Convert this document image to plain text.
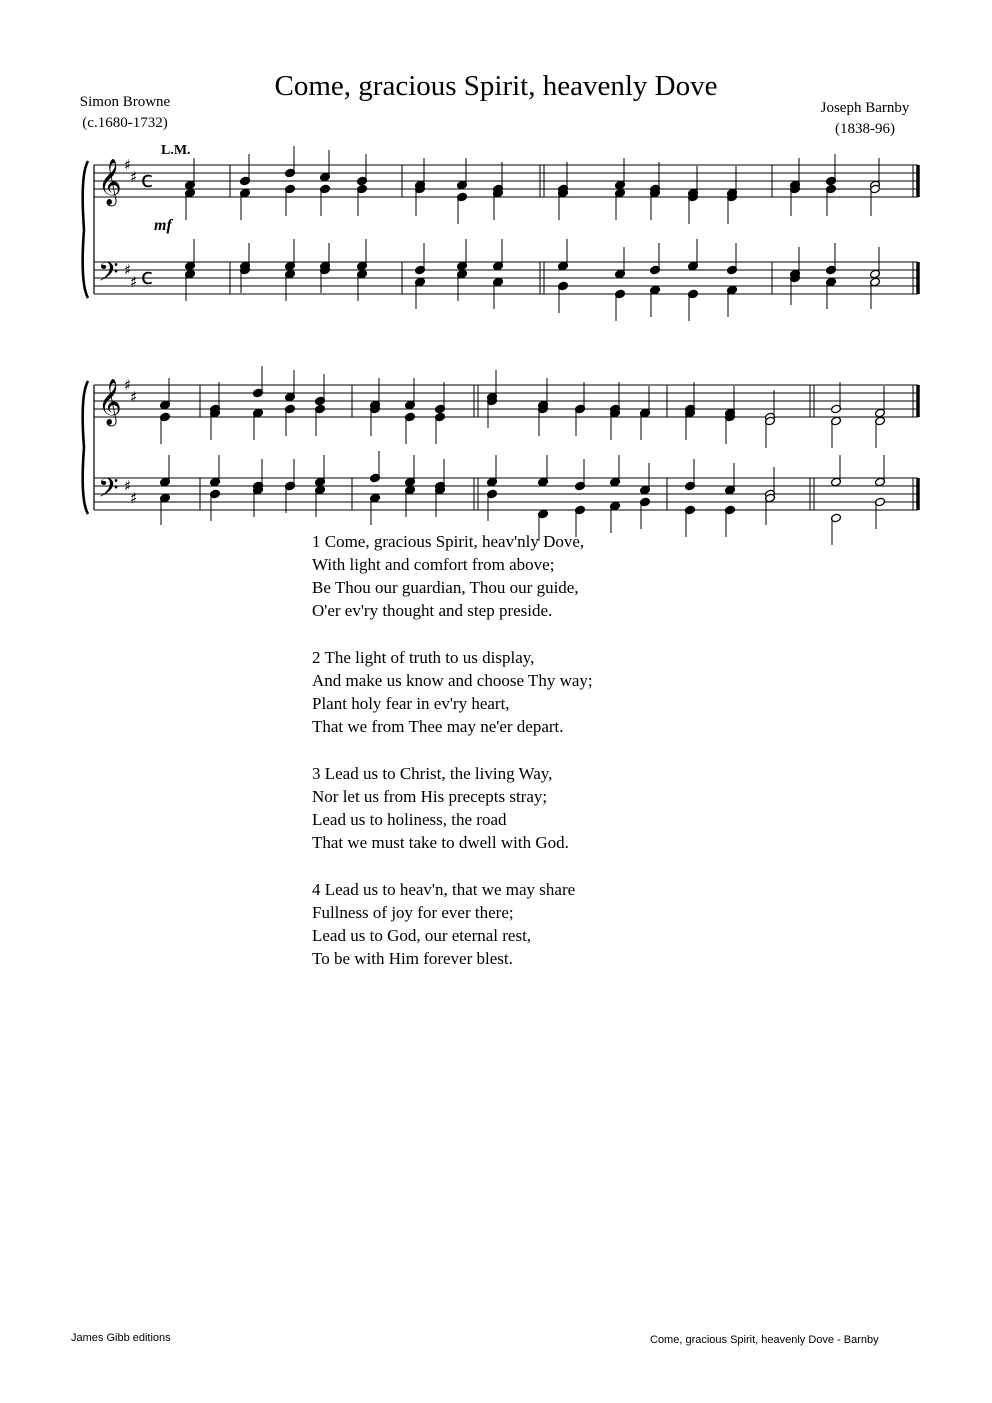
Come, gracious Spirit, heavenly Dove
Simon Browne
(c.1680-1732)
Joseph Barnby
(1838-96)
L.M.
mf
𝄞
𝄢
♯
♯
♯
♯
c
c
𝄞
𝄢
♯
♯
♯
♯
1 Come, gracious Spirit, heav'nly Dove,
With light and comfort from above;
Be Thou our guardian, Thou our guide,
O'er ev'ry thought and step preside.
2 The light of truth to us display,
And make us know and choose Thy way;
Plant holy fear in ev'ry heart,
That we from Thee may ne'er depart.
3 Lead us to Christ, the living Way,
Nor let us from His precepts stray;
Lead us to holiness, the road
That we must take to dwell with God.
4 Lead us to heav'n, that we may share
Fullness of joy for ever there;
Lead us to God, our eternal rest,
To be with Him forever blest.
James Gibb editions	Come, gracious Spirit, heavenly Dove - Barnby
